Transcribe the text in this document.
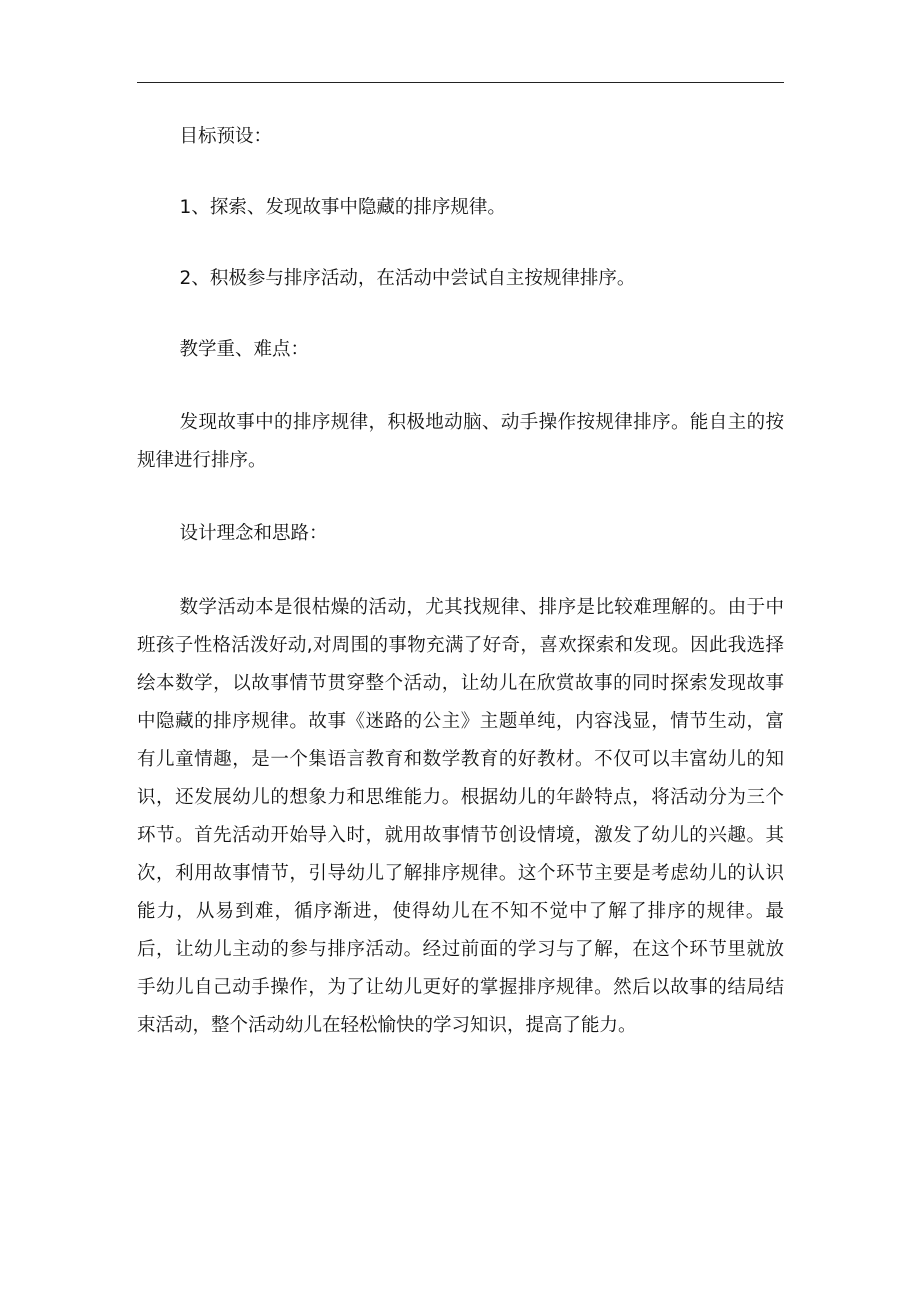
目标预设：

1、探索、发现故事中隐藏的排序规律。

2、积极参与排序活动，在活动中尝试自主按规律排序。

教学重、难点：

发现故事中的排序规律，积极地动脑、动手操作按规律排序。能自主的按规律进行排序。

设计理念和思路：

数学活动本是很枯燥的活动，尤其找规律、排序是比较难理解的。由于中班孩子性格活泼好动,对周围的事物充满了好奇，喜欢探索和发现。因此我选择绘本数学，以故事情节贯穿整个活动，让幼儿在欣赏故事的同时探索发现故事中隐藏的排序规律。故事《迷路的公主》主题单纯，内容浅显，情节生动，富有儿童情趣，是一个集语言教育和数学教育的好教材。不仅可以丰富幼儿的知识，还发展幼儿的想象力和思维能力。根据幼儿的年龄特点，将活动分为三个环节。首先活动开始导入时，就用故事情节创设情境，激发了幼儿的兴趣。其次，利用故事情节，引导幼儿了解排序规律。这个环节主要是考虑幼儿的认识能力，从易到难，循序渐进，使得幼儿在不知不觉中了解了排序的规律。最后，让幼儿主动的参与排序活动。经过前面的学习与了解，在这个环节里就放手幼儿自己动手操作，为了让幼儿更好的掌握排序规律。然后以故事的结局结束活动，整个活动幼儿在轻松愉快的学习知识，提高了能力。
